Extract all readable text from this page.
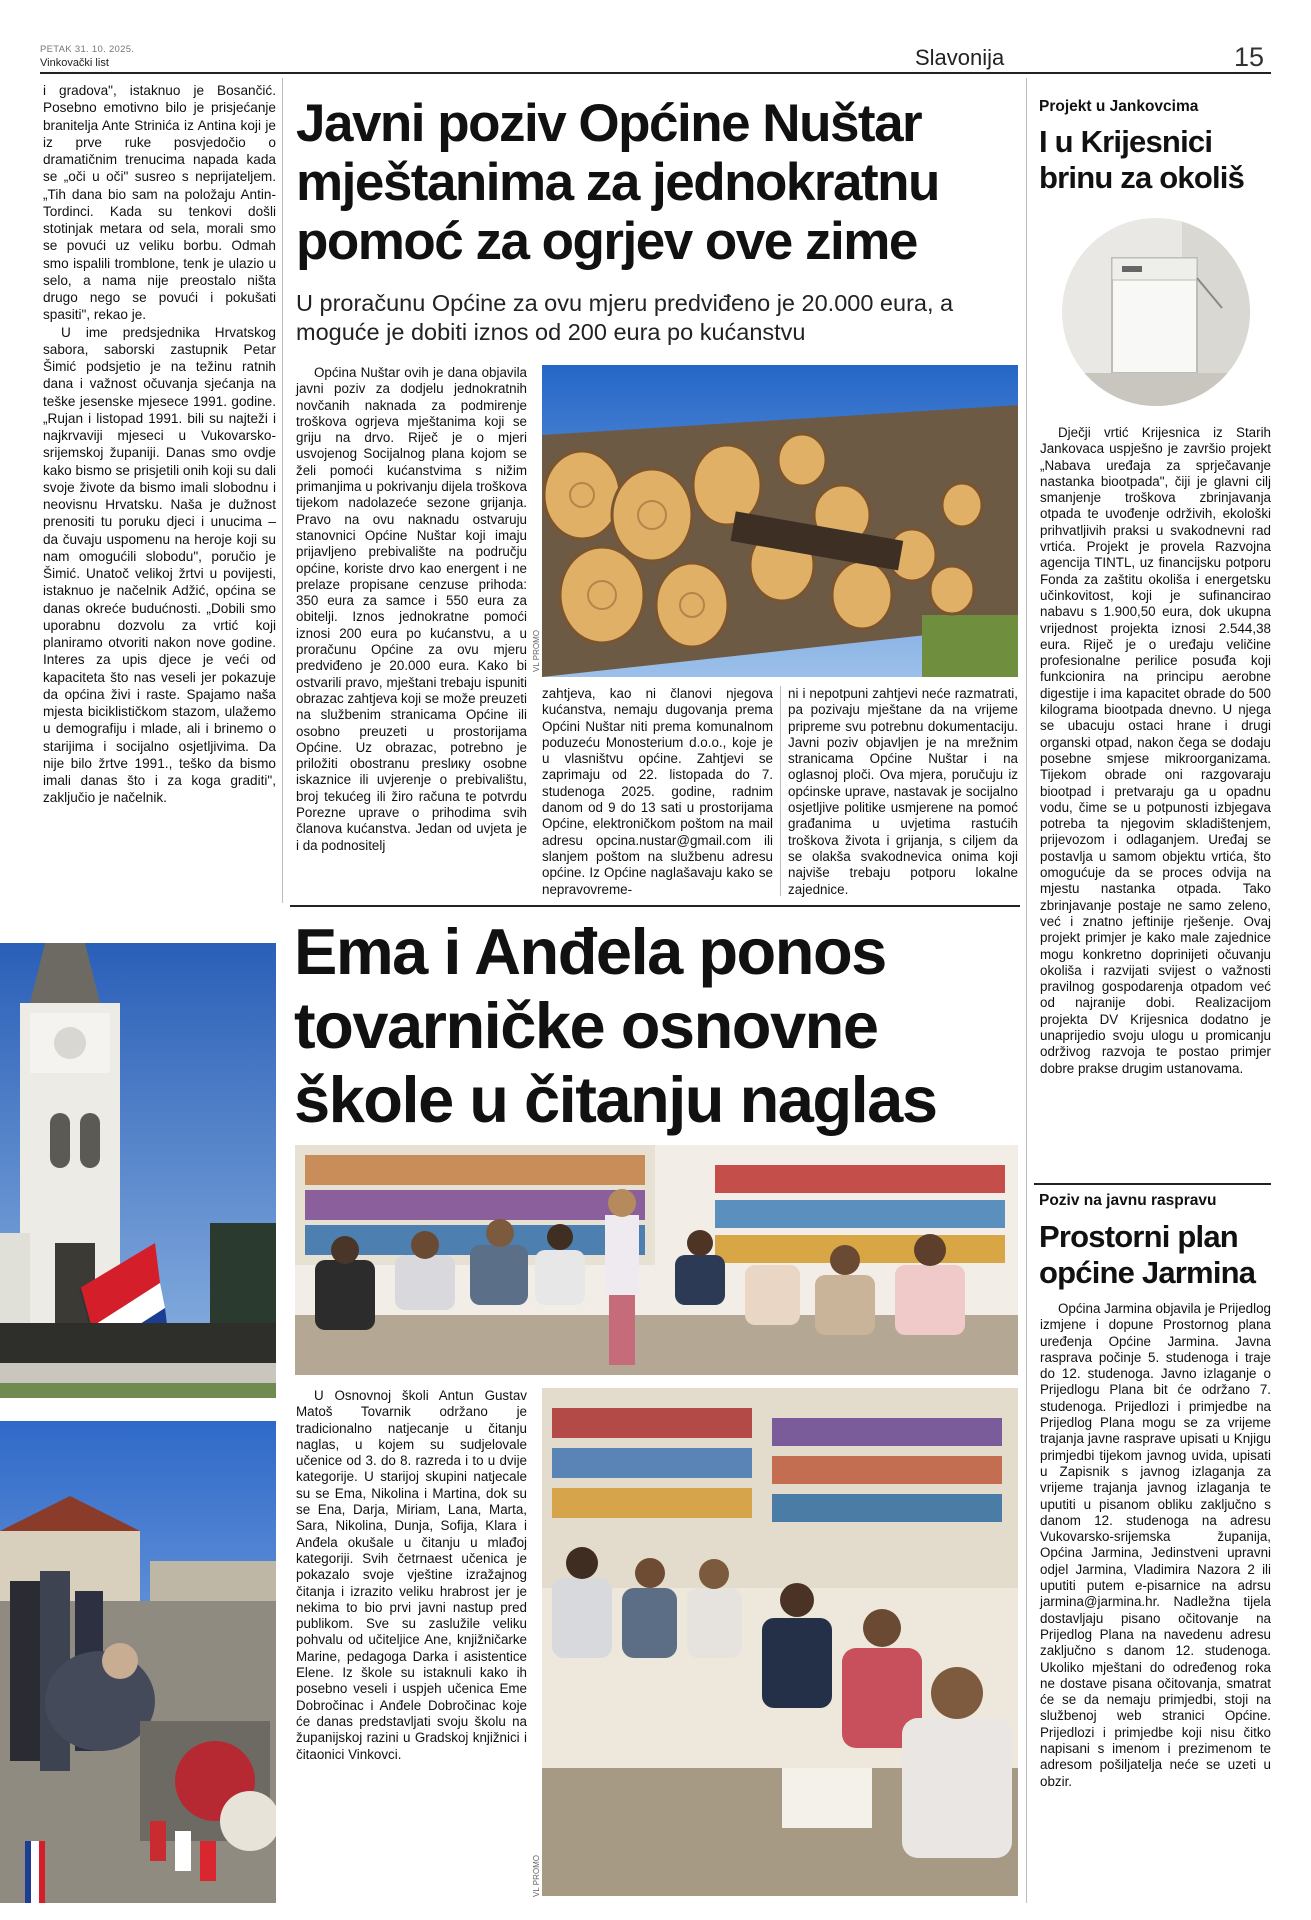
PETAK 31. 10. 2025.
Vinkovački list	Slavonija	15

i gradova", istaknuo je Bosančić. Posebno emotivno bilo je prisjećanje branitelja Ante Strinića iz Antina koji je iz prve ruke posvjedočio o dramatičnim trenucima napada kada se „oči u oči" susreo s neprijateljem. „Tih dana bio sam na položaju Antin-Tordinci. Kada su tenkovi došli stotinjak metara od sela, morali smo se povući uz veliku borbu. Odmah smo ispalili tromblone, tenk je ulazio u selo, a nama nije preostalo ništa drugo nego se povući i pokušati spasiti", rekao je.

U ime predsjednika Hrvatskog sabora, saborski zastupnik Petar Šimić podsjetio je na težinu ratnih dana i važnost očuvanja sjećanja na teške jesenske mjesece 1991. godine. „Rujan i listopad 1991. bili su najteži i najkrvaviji mjeseci u Vukovarsko-srijemskoj županiji. Danas smo ovdje kako bismo se prisjetili onih koji su dali svoje živote da bismo imali slobodnu i neovisnu Hrvatsku. Naša je dužnost prenositi tu poruku djeci i unucima – da čuvaju uspomenu na heroje koji su nam omogućili slobodu", poručio je Šimić. Unatoč velikoj žrtvi u povijesti, istaknuo je načelnik Adžić, općina se danas okreće budućnosti. „Dobili smo uporabnu dozvolu za vrtić koji planiramo otvoriti nakon nove godine. Interes za upis djece je veći od kapaciteta što nas veseli jer pokazuje da općina živi i raste. Spajamo naša mjesta biciklističkom stazom, ulažemo u demografiju i mlade, ali i brinemo o starijima i socijalno osjetljivima. Da nije bilo žrtve 1991., teško da bismo imali danas što i za koga graditi", zaključio je načelnik.

Javni poziv Općine Nuštar mještanima za jednokratnu pomoć za ogrjev ove zime
U proračunu Općine za ovu mjeru predviđeno je 20.000 eura, a moguće je dobiti iznos od 200 eura po kućanstvu

Općina Nuštar ovih je dana objavila javni poziv za dodjelu jednokratnih novčanih naknada za podmirenje troškova ogrjeva mještanima koji se griju na drvo. Riječ je o mjeri usvojenog Socijalnog plana kojom se želi pomoći kućanstvima s nižim primanjima u pokrivanju dijela troškova tijekom nadolazeće sezone grijanja. Pravo na ovu naknadu ostvaruju stanovnici Općine Nuštar koji imaju prijavljeno prebivalište na području općine, koriste drvo kao energent i ne prelaze propisane cenzuse prihoda: 350 eura za samce i 550 eura za obitelji. Iznos jednokratne pomoći iznosi 200 eura po kućanstvu, a u proračunu Općine za ovu mjeru predviđeno je 20.000 eura. Kako bi ostvarili pravo, mještani trebaju ispuniti obrazac zahtjeva koji se može preuzeti na službenim stranicama Općine ili osobno preuzeti u prostorijama Općine. Uz obrazac, potrebno je priložiti obostranu preslику osobne iskaznice ili uvjerenje o prebivalištu, broj tekućeg ili žiro računa te potvrdu Porezne uprave o prihodima svih članova kućanstva. Jedan od uvjeta je i da podnositelj

VL PROMO

zahtjeva, kao ni članovi njegova kućanstva, nemaju dugovanja prema Općini Nuštar niti prema komunalnom poduzeću Monosterium d.o.o., koje je u vlasništvu općine. Zahtjevi se zaprimaju od 22. listopada do 7. studenoga 2025. godine, radnim danom od 9 do 13 sati u prostorijama Općine, elektroničkom poštom na mail adresu opcina.nustar@gmail.com ili slanjem poštom na službenu adresu općine. Iz Općine naglašavaju kako se nepravovreme-

ni i nepotpuni zahtjevi neće razmatrati, pa pozivaju mještane da na vrijeme pripreme svu potrebnu dokumentaciju. Javni poziv objavljen je na mrežnim stranicama Općine Nuštar i na oglasnoj ploči. Ova mjera, poručuju iz općinske uprave, nastavak je socijalno osjetljive politike usmjerene na pomoć građanima u uvjetima rastućih troškova života i grijanja, s ciljem da se olakša svakodnevica onima koji najviše trebaju potporu lokalne zajednice.

Ema i Anđela ponos tovarničke osnovne škole u čitanju naglas

U Osnovnoj školi Antun Gustav Matoš Tovarnik održano je tradicionalno natjecanje u čitanju naglas, u kojem su sudjelovale učenice od 3. do 8. razreda i to u dvije kategorije. U starijoj skupini natjecale su se Ema, Nikolina i Martina, dok su se Ena, Darja, Miriam, Lana, Marta, Sara, Nikolina, Dunja, Sofija, Klara i Anđela okušale u čitanju u mlađoj kategoriji. Svih četrnaest učenica je pokazalo svoje vještine izražajnog čitanja i izrazito veliku hrabrost jer je nekima to bio prvi javni nastup pred publikom. Sve su zaslužile veliku pohvalu od učiteljice Ane, knjižničarke Marine, pedagoga Darka i asistentice Elene. Iz škole su istaknuli kako ih posebno veseli i uspjeh učenica Eme Dobročinac i Anđele Dobročinac koje će danas predstavljati svoju školu na županijskoj razini u Gradskoj knjižnici i čitaonici Vinkovci.

VL PROMO
Projekt u Jankovcima
I u Krijesnici brinu za okoliš

Dječji vrtić Krijesnica iz Starih Jankovaca uspješno je završio projekt „Nabava uređaja za sprječavanje nastanka biootpada", čiji je glavni cilj smanjenje troškova zbrinjavanja otpada te uvođenje održivih, ekološki prihvatljivih praksi u svakodnevni rad vrtića. Projekt je provela Razvojna agencija TINTL, uz financijsku potporu Fonda za zaštitu okoliša i energetsku učinkovitost, koji je sufinancirao nabavu s 1.900,50 eura, dok ukupna vrijednost projekta iznosi 2.544,38 eura. Riječ je o uređaju veličine profesionalne perilice posuđa koji funkcionira na principu aerobne digestije i ima kapacitet obrade do 500 kilograma biootpada dnevno. U njega se ubacuju ostaci hrane i drugi organski otpad, nakon čega se dodaju posebne smjese mikroorganizama. Tijekom obrade oni razgovaraju biootpad i pretvaraju ga u opadnu vodu, čime se u potpunosti izbjegava potreba ta njegovim skladištenjem, prijevozom i odlaganjem. Uređaj se postavlja u samom objektu vrtića, što omogućuje da se proces odvija na mjestu nastanka otpada. Tako zbrinjavanje postaje ne samo zeleno, već i znatno jeftinije rješenje. Ovaj projekt primjer je kako male zajednice mogu konkretno doprinijeti očuvanju okoliša i razvijati svijest o važnosti pravilnog gospodarenja otpadom već od najranije dobi. Realizacijom projekta DV Krijesnica dodatno je unaprijedio svoju ulogu u promicanju održivog razvoja te postao primjer dobre prakse drugim ustanovama.

Poziv na javnu raspravu
Prostorni plan općine Jarmina

Općina Jarmina objavila je Prijedlog izmjene i dopune Prostornog plana uređenja Općine Jarmina. Javna rasprava počinje 5. studenoga i traje do 12. studenoga. Javno izlaganje o Prijedlogu Plana bit će održano 7. studenoga. Prijedlozi i primjedbe na Prijedlog Plana mogu se za vrijeme trajanja javne rasprave upisati u Knjigu primjedbi tijekom javnog uvida, upisati u Zapisnik s javnog izlaganja za vrijeme trajanja javnog izlaganja te uputiti u pisanom obliku zaključno s danom 12. studenoga na adresu Vukovarsko-srijemska županija, Općina Jarmina, Jedinstveni upravni odjel Jarmina, Vladimira Nazora 2 ili uputiti putem e-pisarnice na adrsu jarmina@jarmina.hr. Nadležna tijela dostavljaju pisano očitovanje na Prijedlog Plana na navedenu adresu zaključno s danom 12. studenoga. Ukoliko mještani do određenog roka ne dostave pisana očitovanja, smatrat će se da nemaju primjedbi, stoji na službenoj web stranici Općine. Prijedlozi i primjedbe koji nisu čitko napisani s imenom i prezimenom te adresom pošiljatelja neće se uzeti u obzir.
